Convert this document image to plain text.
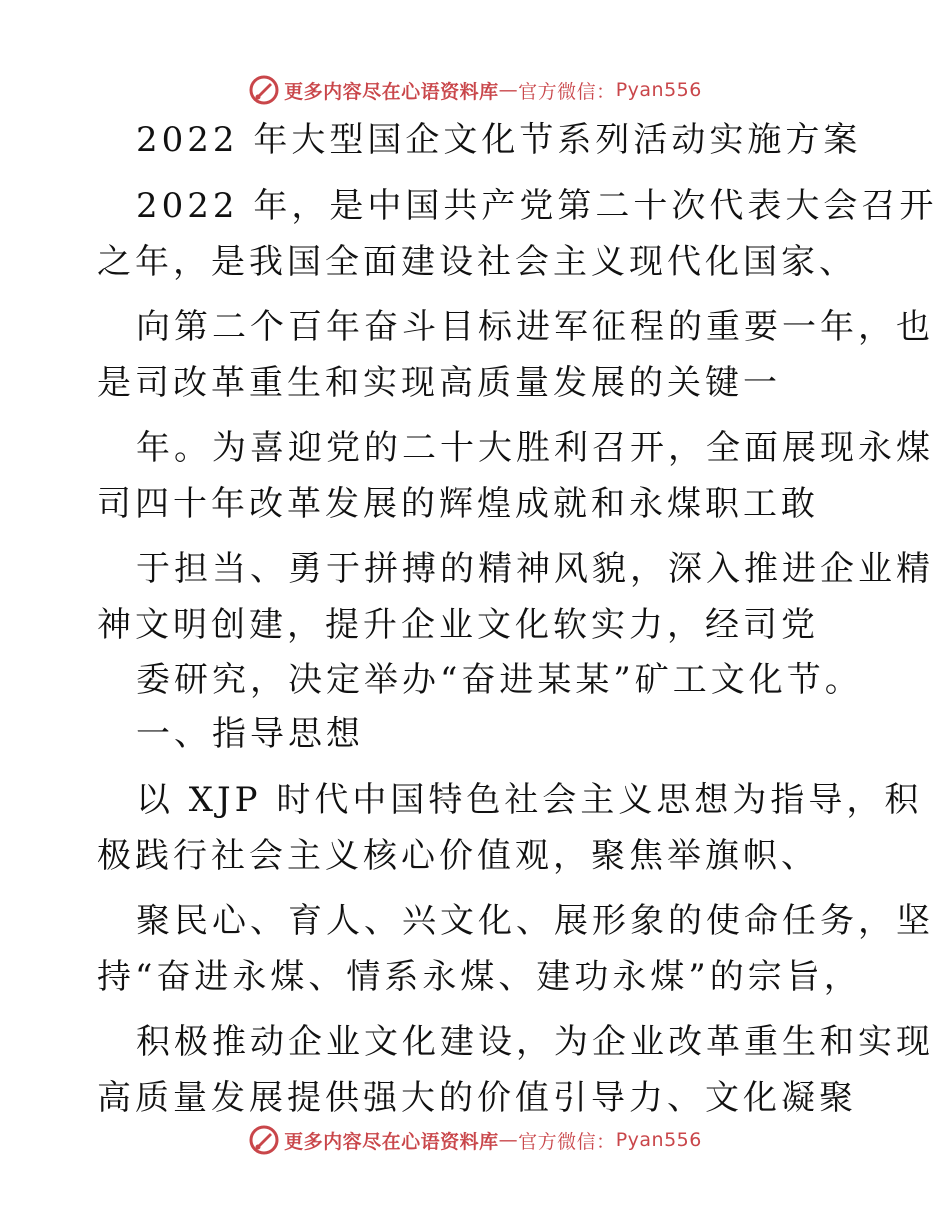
更多内容尽在心语资料库 — 官方微信： Pyan556
2022 年大型国企文化节系列活动实施方案
2022 年，是中国共产党第二十次代表大会召开
之年，是我国全面建设社会主义现代化国家、
向第二个百年奋斗目标进军征程的重要一年，也
是司改革重生和实现高质量发展的关键一
年。为喜迎党的二十大胜利召开，全面展现永煤
司四十年改革发展的辉煌成就和永煤职工敢
于担当、勇于拼搏的精神风貌，深入推进企业精
神文明创建，提升企业文化软实力，经司党
委研究，决定举办“奋进某某”矿工文化节。
一、指导思想
以 XJP 时代中国特色社会主义思想为指导，积
极践行社会主义核心价值观，聚焦举旗帜、
聚民心、育人、兴文化、展形象的使命任务，坚
持“奋进永煤、情系永煤、建功永煤”的宗旨，
积极推动企业文化建设，为企业改革重生和实现
高质量发展提供强大的价值引导力、文化凝聚
更多内容尽在心语资料库 — 官方微信： Pyan556
